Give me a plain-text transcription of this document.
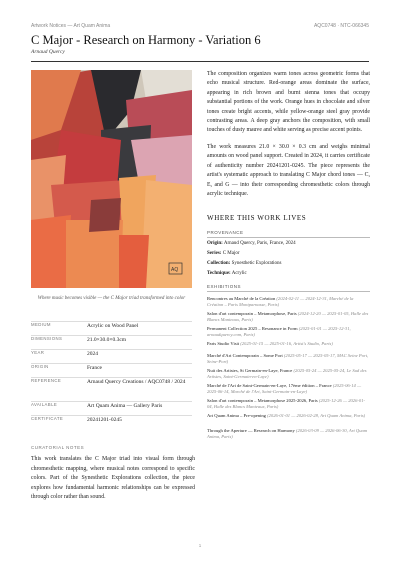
Artwork Notices — Art Quam Anima	AQC0748 · NTC-066345
C Major - Research on Harmony - Variation 6
Arnaud Quercy
AQ
Where music becomes visible — the C Major triad transformed into color
MEDIUM	Acrylic on Wood Panel
DIMENSIONS	21.0×30.0×0.3cm
YEAR	2024
ORIGIN	France
REFERENCE	Arnaud Quercy Creations / AQC0748 / 2024
AVAILABLE	Art Quam Anima — Gallery Paris
CERTIFICATE	20241201-0245
CURATORIAL NOTES
This work translates the C Major triad into visual form through chromesthetic mapping, where musical notes correspond to specific colors. Part of the Synesthetic Explorations collection, the piece explores how fundamental harmonic relationships can be expressed through color rather than sound.
The composition organizes warm tones across geometric forms that echo musical structure. Red-orange areas dominate the surface, appearing in rich brown and burnt sienna tones that occupy substantial portions of the work. Orange hues in chocolate and silver tones create bright accents, while yellow-orange steel gray provide contrasting areas. A deep gray anchors the composition, with small touches of dusty mauve and white serving as precise accent points.
The work measures 21.0 × 30.0 × 0.3 cm and weighs minimal amounts on wood panel support. Created in 2024, it carries certificate of authenticity number 20241201-0245. The piece represents the artist's systematic approach to translating C Major chord tones — C, E, and G — into their corresponding chromesthetic colors through acrylic technique.
WHERE THIS WORK LIVES
PROVENANCE
Origin: Arnaud Quercy, Paris, France, 2024
Series: C Major
Collection: Synesthetic Explorations
Technique: Acrylic
EXHIBITIONS
Rencontres au Marché de la Création (2024-02-11 — 2024-12-31, Marché de la Création – Paris Montparnasse, Paris)
Salon d'art contemporain – Metamorphose, Paris (2024-12-20 — 2025-01-05, Halle des Blancs Manteaux, Paris)
Permanent Collection 2025 – Resonance in Form (2025-01-01 — 2025-12-31, arnaudquercy.com, Paris)
Paris Studio Visit (2025-01-15 — 2025-01-16, Artist's Studio, Paris)
Marché d'Art Contemporain – Some Port (2025-05-17 — 2025-05-17, MAC Seine Port, Seine-Port)
Nuit des Artistes, St Germain-en-Laye, France (2025-05-24 — 2025-05-24, Le Sud des Artistes, Saint-Germain-en-Laye)
Marché de l'Art de Saint-Germain-en-Laye, 17ème édition – France (2025-06-14 — 2025-06-14, Marché de l'Art, Saint-Germain-en-Laye)
Salon d'art contemporain – Metamorphose 2025-2026, Paris (2025-12-26 — 2026-01-04, Halle des Blancs Manteaux, Paris)
Art Quam Anima – Pre-opening (2026-01-01 — 2026-02-28, Art Quam Anima, Paris)
Through the Aperture — Research on Harmony (2026-03-09 — 2026-06-30, Art Quam Anima, Paris)
1
